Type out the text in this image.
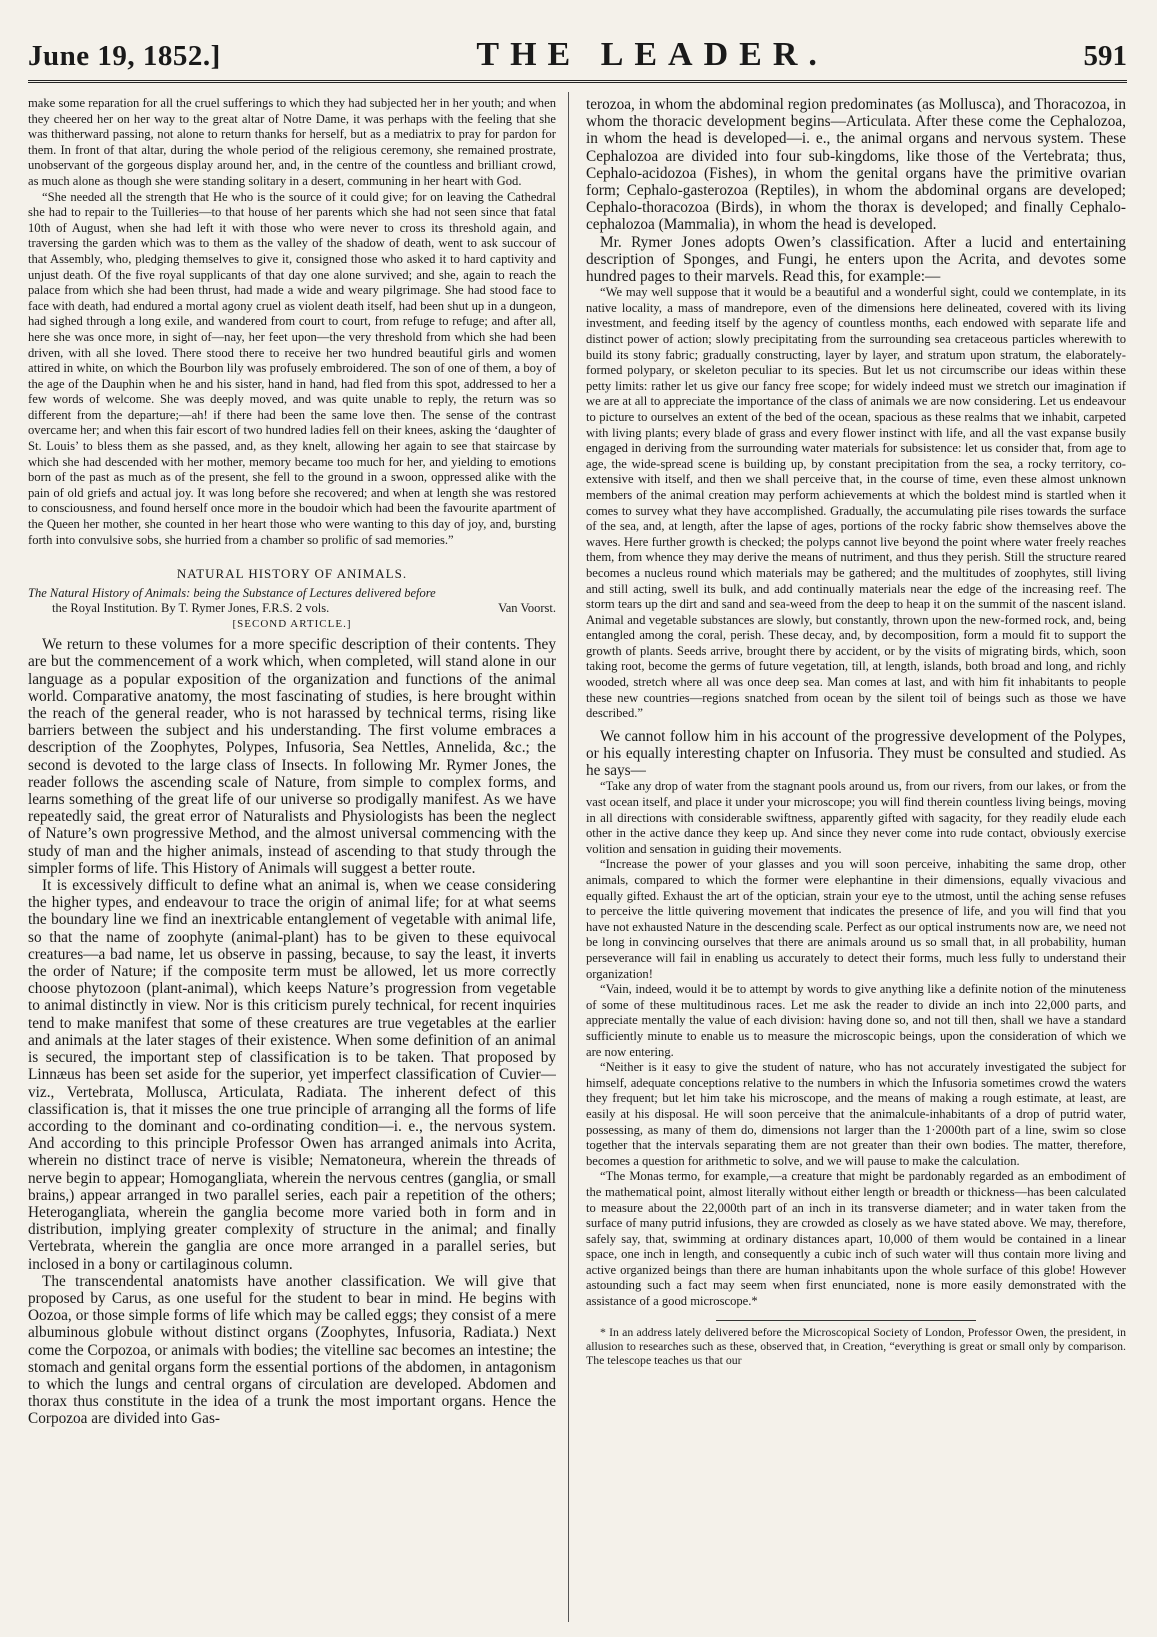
June 19, 1852.]	THE LEADER.	591

make some reparation for all the cruel sufferings to which they had subjected her in her youth; and when they cheered her on her way to the great altar of Notre Dame, it was perhaps with the feeling that she was thitherward passing, not alone to return thanks for herself, but as a mediatrix to pray for pardon for them. In front of that altar, during the whole period of the religious ceremony, she remained prostrate, unobservant of the gorgeous display around her, and, in the centre of the countless and brilliant crowd, as much alone as though she were standing solitary in a desert, communing in her heart with God.

“She needed all the strength that He who is the source of it could give; for on leaving the Cathedral she had to repair to the Tuilleries—to that house of her parents which she had not seen since that fatal 10th of August, when she had left it with those who were never to cross its threshold again, and traversing the garden which was to them as the valley of the shadow of death, went to ask succour of that Assembly, who, pledging themselves to give it, consigned those who asked it to hard captivity and unjust death. Of the five royal supplicants of that day one alone survived; and she, again to reach the palace from which she had been thrust, had made a wide and weary pilgrimage. She had stood face to face with death, had endured a mortal agony cruel as violent death itself, had been shut up in a dungeon, had sighed through a long exile, and wandered from court to court, from refuge to refuge; and after all, here she was once more, in sight of—nay, her feet upon—the very threshold from which she had been driven, with all she loved. There stood there to receive her two hundred beautiful girls and women attired in white, on which the Bourbon lily was profusely embroidered. The son of one of them, a boy of the age of the Dauphin when he and his sister, hand in hand, had fled from this spot, addressed to her a few words of welcome. She was deeply moved, and was quite unable to reply, the return was so different from the departure;—ah! if there had been the same love then. The sense of the contrast overcame her; and when this fair escort of two hundred ladies fell on their knees, asking the ‘daughter of St. Louis’ to bless them as she passed, and, as they knelt, allowing her again to see that staircase by which she had descended with her mother, memory became too much for her, and yielding to emotions born of the past as much as of the present, she fell to the ground in a swoon, oppressed alike with the pain of old griefs and actual joy. It was long before she recovered; and when at length she was restored to consciousness, and found herself once more in the boudoir which had been the favourite apartment of the Queen her mother, she counted in her heart those who were wanting to this day of joy, and, bursting forth into convulsive sobs, she hurried from a chamber so prolific of sad memories.”

NATURAL HISTORY OF ANIMALS.

The Natural History of Animals: being the Substance of Lectures delivered before

the Royal Institution. By T. Rymer Jones, F.R.S. 2 vols.	Van Voorst.
[SECOND ARTICLE.]

We return to these volumes for a more specific description of their contents. They are but the commencement of a work which, when completed, will stand alone in our language as a popular exposition of the organization and functions of the animal world. Comparative anatomy, the most fascinating of studies, is here brought within the reach of the general reader, who is not harassed by technical terms, rising like barriers between the subject and his understanding. The first volume embraces a description of the Zoophytes, Polypes, Infusoria, Sea Nettles, Annelida, &c.; the second is devoted to the large class of Insects. In following Mr. Rymer Jones, the reader follows the ascending scale of Nature, from simple to complex forms, and learns something of the great life of our universe so prodigally manifest. As we have repeatedly said, the great error of Naturalists and Physiologists has been the neglect of Nature’s own progressive Method, and the almost universal commencing with the study of man and the higher animals, instead of ascending to that study through the simpler forms of life. This History of Animals will suggest a better route.

It is excessively difficult to define what an animal is, when we cease considering the higher types, and endeavour to trace the origin of animal life; for at what seems the boundary line we find an inextricable entanglement of vegetable with animal life, so that the name of zoophyte (animal-plant) has to be given to these equivocal creatures—a bad name, let us observe in passing, because, to say the least, it inverts the order of Nature; if the composite term must be allowed, let us more correctly choose phytozoon (plant-animal), which keeps Nature’s progression from vegetable to animal distinctly in view. Nor is this criticism purely technical, for recent inquiries tend to make manifest that some of these creatures are true vegetables at the earlier and animals at the later stages of their existence. When some definition of an animal is secured, the important step of classification is to be taken. That proposed by Linnæus has been set aside for the superior, yet imperfect classification of Cuvier—viz., Vertebrata, Mollusca, Articulata, Radiata. The inherent defect of this classification is, that it misses the one true principle of arranging all the forms of life according to the dominant and co-ordinating condition—i. e., the nervous system. And according to this principle Professor Owen has arranged animals into Acrita, wherein no distinct trace of nerve is visible; Nematoneura, wherein the threads of nerve begin to appear; Homogangliata, wherein the nervous centres (ganglia, or small brains,) appear arranged in two parallel series, each pair a repetition of the others; Heterogangliata, wherein the ganglia become more varied both in form and in distribution, implying greater complexity of structure in the animal; and finally Vertebrata, wherein the ganglia are once more arranged in a parallel series, but inclosed in a bony or cartilaginous column.

The transcendental anatomists have another classification. We will give that proposed by Carus, as one useful for the student to bear in mind. He begins with Oozoa, or those simple forms of life which may be called eggs; they consist of a mere albuminous globule without distinct organs (Zoophytes, Infusoria, Radiata.) Next come the Corpozoa, or animals with bodies; the vitelline sac becomes an intestine; the stomach and genital organs form the essential portions of the abdomen, in antagonism to which the lungs and central organs of circulation are developed. Abdomen and thorax thus constitute in the idea of a trunk the most important organs. Hence the Corpozoa are divided into Gas-

terozoa, in whom the abdominal region predominates (as Mollusca), and Thoracozoa, in whom the thoracic development begins—Articulata. After these come the Cephalozoa, in whom the head is developed—i. e., the animal organs and nervous system. These Cephalozoa are divided into four sub-kingdoms, like those of the Vertebrata; thus, Cephalo-acidozoa (Fishes), in whom the genital organs have the primitive ovarian form; Cephalo-gasterozoa (Reptiles), in whom the abdominal organs are developed; Cephalo-thoracozoa (Birds), in whom the thorax is developed; and finally Cephalo-cephalozoa (Mammalia), in whom the head is developed.

Mr. Rymer Jones adopts Owen’s classification. After a lucid and entertaining description of Sponges, and Fungi, he enters upon the Acrita, and devotes some hundred pages to their marvels. Read this, for example:—

“We may well suppose that it would be a beautiful and a wonderful sight, could we contemplate, in its native locality, a mass of mandrepore, even of the dimensions here delineated, covered with its living investment, and feeding itself by the agency of countless months, each endowed with separate life and distinct power of action; slowly precipitating from the surrounding sea cretaceous particles wherewith to build its stony fabric; gradually constructing, layer by layer, and stratum upon stratum, the elaborately-formed polypary, or skeleton peculiar to its species. But let us not circumscribe our ideas within these petty limits: rather let us give our fancy free scope; for widely indeed must we stretch our imagination if we are at all to appreciate the importance of the class of animals we are now considering. Let us endeavour to picture to ourselves an extent of the bed of the ocean, spacious as these realms that we inhabit, carpeted with living plants; every blade of grass and every flower instinct with life, and all the vast expanse busily engaged in deriving from the surrounding water materials for subsistence: let us consider that, from age to age, the wide-spread scene is building up, by constant precipitation from the sea, a rocky territory, co-extensive with itself, and then we shall perceive that, in the course of time, even these almost unknown members of the animal creation may perform achievements at which the boldest mind is startled when it comes to survey what they have accomplished. Gradually, the accumulating pile rises towards the surface of the sea, and, at length, after the lapse of ages, portions of the rocky fabric show themselves above the waves. Here further growth is checked; the polyps cannot live beyond the point where water freely reaches them, from whence they may derive the means of nutriment, and thus they perish. Still the structure reared becomes a nucleus round which materials may be gathered; and the multitudes of zoophytes, still living and still acting, swell its bulk, and add continually materials near the edge of the increasing reef. The storm tears up the dirt and sand and sea-weed from the deep to heap it on the summit of the nascent island. Animal and vegetable substances are slowly, but constantly, thrown upon the new-formed rock, and, being entangled among the coral, perish. These decay, and, by decomposition, form a mould fit to support the growth of plants. Seeds arrive, brought there by accident, or by the visits of migrating birds, which, soon taking root, become the germs of future vegetation, till, at length, islands, both broad and long, and richly wooded, stretch where all was once deep sea. Man comes at last, and with him fit inhabitants to people these new countries—regions snatched from ocean by the silent toil of beings such as those we have described.”

We cannot follow him in his account of the progressive development of the Polypes, or his equally interesting chapter on Infusoria. They must be consulted and studied. As he says—

“Take any drop of water from the stagnant pools around us, from our rivers, from our lakes, or from the vast ocean itself, and place it under your microscope; you will find therein countless living beings, moving in all directions with considerable swiftness, apparently gifted with sagacity, for they readily elude each other in the active dance they keep up. And since they never come into rude contact, obviously exercise volition and sensation in guiding their movements.

“Increase the power of your glasses and you will soon perceive, inhabiting the same drop, other animals, compared to which the former were elephantine in their dimensions, equally vivacious and equally gifted. Exhaust the art of the optician, strain your eye to the utmost, until the aching sense refuses to perceive the little quivering movement that indicates the presence of life, and you will find that you have not exhausted Nature in the descending scale. Perfect as our optical instruments now are, we need not be long in convincing ourselves that there are animals around us so small that, in all probability, human perseverance will fail in enabling us accurately to detect their forms, much less fully to understand their organization!

“Vain, indeed, would it be to attempt by words to give anything like a definite notion of the minuteness of some of these multitudinous races. Let me ask the reader to divide an inch into 22,000 parts, and appreciate mentally the value of each division: having done so, and not till then, shall we have a standard sufficiently minute to enable us to measure the microscopic beings, upon the consideration of which we are now entering.

“Neither is it easy to give the student of nature, who has not accurately investigated the subject for himself, adequate conceptions relative to the numbers in which the Infusoria sometimes crowd the waters they frequent; but let him take his microscope, and the means of making a rough estimate, at least, are easily at his disposal. He will soon perceive that the animalcule-inhabitants of a drop of putrid water, possessing, as many of them do, dimensions not larger than the 1·2000th part of a line, swim so close together that the intervals separating them are not greater than their own bodies. The matter, therefore, becomes a question for arithmetic to solve, and we will pause to make the calculation.

“The Monas termo, for example,—a creature that might be pardonably regarded as an embodiment of the mathematical point, almost literally without either length or breadth or thickness—has been calculated to measure about the 22,000th part of an inch in its transverse diameter; and in water taken from the surface of many putrid infusions, they are crowded as closely as we have stated above. We may, therefore, safely say, that, swimming at ordinary distances apart, 10,000 of them would be contained in a linear space, one inch in length, and consequently a cubic inch of such water will thus contain more living and active organized beings than there are human inhabitants upon the whole surface of this globe! However astounding such a fact may seem when first enunciated, none is more easily demonstrated with the assistance of a good microscope.*

* In an address lately delivered before the Microscopical Society of London, Professor Owen, the president, in allusion to researches such as these, observed that, in Creation, “everything is great or small only by comparison. The telescope teaches us that our
